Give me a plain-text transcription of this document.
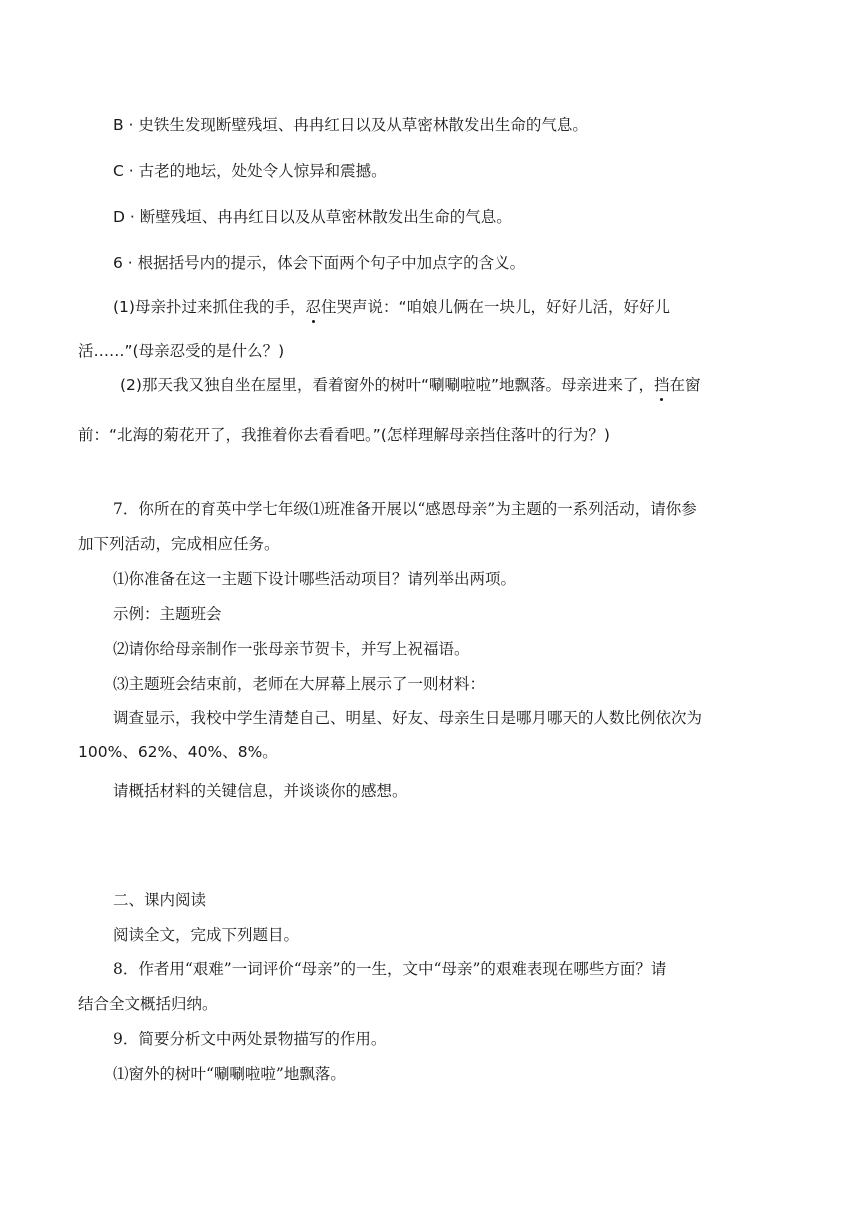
B · 史铁生发现断壁残垣、冉冉红日以及从草密林散发出生命的气息。
C · 古老的地坛，处处令人惊异和震撼。
D · 断壁残垣、冉冉红日以及从草密林散发出生命的气息。
6 · 根据括号内的提示，体会下面两个句子中加点字的含义。
(1)母亲扑过来抓住我的手，忍住哭声说：“咱娘儿俩在一块儿，好好儿活，好好儿
活……”(母亲忍受的是什么？)
(2)那天我又独自坐在屋里，看着窗外的树叶“唰唰啦啦”地飘落。母亲进来了，挡在窗
前：“北海的菊花开了，我推着你去看看吧。”(怎样理解母亲挡住落叶的行为？)
7．你所在的育英中学七年级⑴班准备开展以“感恩母亲”为主题的一系列活动，请你参
加下列活动，完成相应任务。
⑴你准备在这一主题下设计哪些活动项目？请列举出两项。
示例：主题班会
⑵请你给母亲制作一张母亲节贺卡，并写上祝福语。
⑶主题班会结束前，老师在大屏幕上展示了一则材料：
调查显示，我校中学生清楚自己、明星、好友、母亲生日是哪月哪天的人数比例依次为
100%、62%、40%、8%。
请概括材料的关键信息，并谈谈你的感想。
二、课内阅读
阅读全文，完成下列题目。
8．作者用“艰难”一词评价“母亲”的一生，文中“母亲”的艰难表现在哪些方面？请
结合全文概括归纳。
9．简要分析文中两处景物描写的作用。
⑴窗外的树叶“唰唰啦啦”地飘落。
